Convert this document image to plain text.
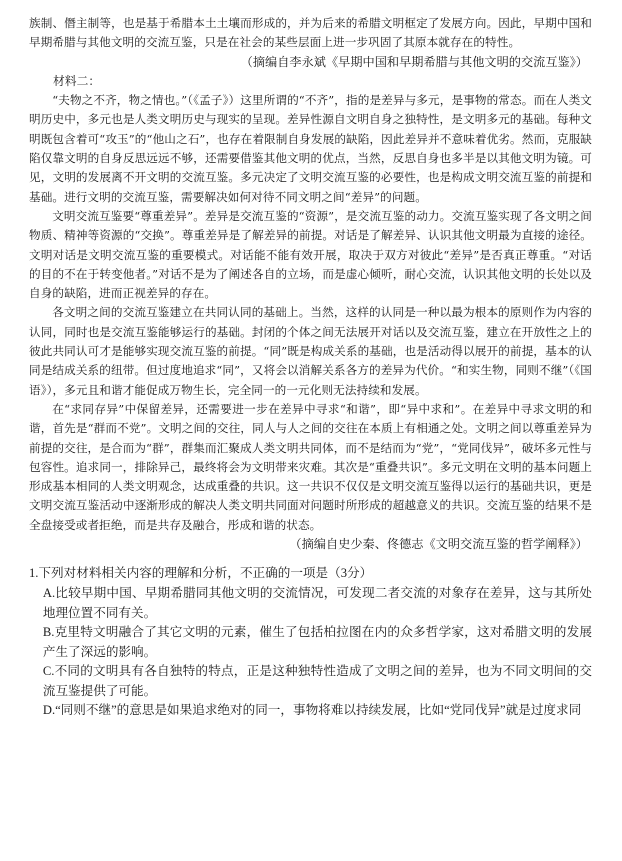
族制、僭主制等，也是基于希腊本土土壤而形成的，并为后来的希腊文明框定了发展方向。因此，早期中国和早期希腊与其他文明的交流互鉴，只是在社会的某些层面上进一步巩固了其原本就存在的特性。

（摘编自李永斌《早期中国和早期希腊与其他文明的交流互鉴》）

材料二：

“夫物之不齐，物之情也。”（《孟子》）这里所谓的“不齐”，指的是差异与多元，是事物的常态。而在人类文明历史中，多元也是人类文明历史与现实的呈现。差异性源自文明自身之独特性，是文明多元的基础。每种文明既包含着可“攻玉”的“他山之石”，也存在着限制自身发展的缺陷，因此差异并不意味着优劣。然而，克服缺陷仅靠文明的自身反思远远不够，还需要借鉴其他文明的优点，当然，反思自身也多半是以其他文明为镜。可见，文明的发展离不开文明的交流互鉴。多元决定了文明交流互鉴的必要性，也是构成文明交流互鉴的前提和基础。进行文明的交流互鉴，需要解决如何对待不同文明之间“差异”的问题。

文明交流互鉴要“尊重差异”。差异是交流互鉴的“资源”，是交流互鉴的动力。交流互鉴实现了各文明之间物质、精神等资源的“交换”。尊重差异是了解差异的前提。对话是了解差异、认识其他文明最为直接的途径。文明对话是文明交流互鉴的重要模式。对话能不能有效开展，取决于双方对彼此“差异”是否真正尊重。“对话的目的不在于转变他者。”对话不是为了阐述各自的立场，而是虚心倾听，耐心交流，认识其他文明的长处以及自身的缺陷，进而正视差异的存在。

各文明之间的交流互鉴建立在共同认同的基础上。当然，这样的认同是一种以最为根本的原则作为内容的认同，同时也是交流互鉴能够运行的基础。封闭的个体之间无法展开对话以及交流互鉴，建立在开放性之上的彼此共同认可才是能够实现交流互鉴的前提。“同”既是构成关系的基础，也是活动得以展开的前提，基本的认同是结成关系的纽带。但过度地追求“同”，又将会以消解关系各方的差异为代价。“和实生物，同则不继”（《国语》），多元且和谐才能促成万物生长，完全同一的一元化则无法持续和发展。

在“求同存异”中保留差异，还需要进一步在差异中寻求“和谐”，即“异中求和”。在差异中寻求文明的和谐，首先是“群而不党”。文明之间的交往，同人与人之间的交往在本质上有相通之处。文明之间以尊重差异为前提的交往，是合而为“群”，群集而汇聚成人类文明共同体，而不是结而为“党”，“党同伐异”，破坏多元性与包容性。追求同一，排除异己，最终将会为文明带来灾难。其次是“重叠共识”。多元文明在文明的基本问题上形成基本相同的人类文明观念，达成重叠的共识。这一共识不仅仅是文明交流互鉴得以运行的基础共识，更是文明交流互鉴活动中逐渐形成的解决人类文明共同面对问题时所形成的超越意义的共识。交流互鉴的结果不是全盘接受或者拒绝，而是共存及融合，彤成和谐的状态。

（摘编自史少秦、佟德志《文明交流互鉴的哲学阐释》）

1.下列对材料相关内容的理解和分析，不正确的一项是（3分）

A.比较早期中国、早期希腊同其他文明的交流情况，可发现二者交流的对象存在差异，这与其所处地理位置不同有关。

B.克里特文明融合了其它文明的元素，催生了包括柏拉图在内的众多哲学家，这对希腊文明的发展产生了深远的影响。

C.不同的文明具有各自独特的特点，正是这种独特性造成了文明之间的差异，也为不同文明间的交流互鉴提供了可能。

D.“同则不继”的意思是如果追求绝对的同一，事物将难以持续发展，比如“党同伐异”就是过度求同
